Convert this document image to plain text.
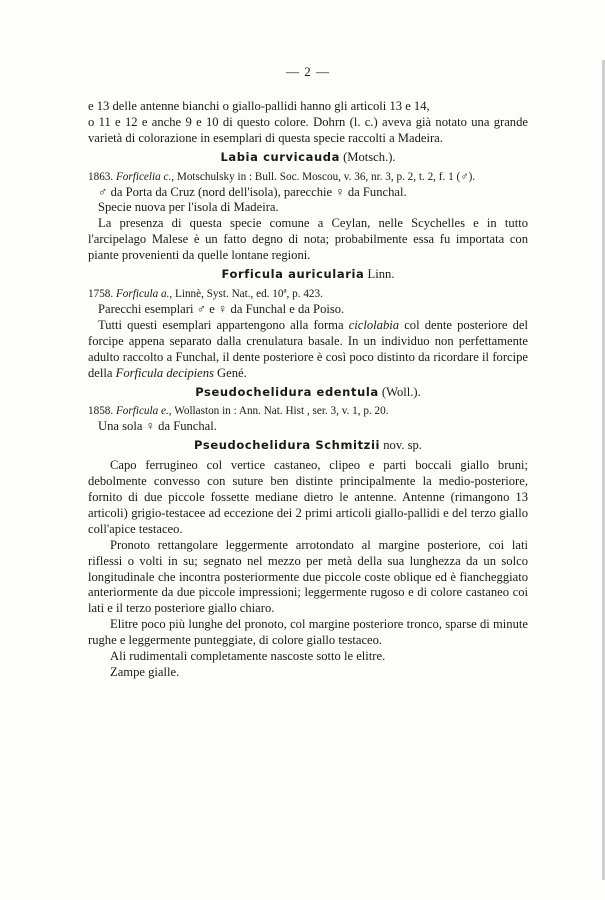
— 2 —

e 13 delle antenne bianchi o giallo-pallidi hanno gli articoli 13 e 14,

o 11 e 12 e anche 9 e 10 di questo colore. Dohrn (l. c.) aveva già notato una grande varietà di colorazione in esemplari di questa specie raccolti a Madeira.

Labia curvicauda (Motsch.).

1863. Forficelia c., Motschulsky in : Bull. Soc. Moscou, v. 36, nr. 3, p. 2, t. 2, f. 1 (♂).

♂ da Porta da Cruz (nord dell'isola), parecchie ♀ da Funchal.

Specie nuova per l'isola di Madeira.

La presenza di questa specie comune a Ceylan, nelle Scychelles e in tutto l'arcipelago Malese è un fatto degno di nota; probabilmente essa fu importata con piante provenienti da quelle lontane regioni.

Forficula auricularia Linn.

1758. Forficula a., Linnè, Syst. Nat., ed. 10ª, p. 423.

Parecchi esemplari ♂ e ♀ da Funchal e da Poiso.

Tutti questi esemplari appartengono alla forma ciclolabia col dente posteriore del forcipe appena separato dalla crenulatura basale. In un individuo non perfettamente adulto raccolto a Funchal, il dente posteriore è così poco distinto da ricordare il forcipe della Forficula decipiens Gené.

Pseudochelidura edentula (Woll.).

1858. Forficula e., Wollaston in : Ann. Nat. Hist , ser. 3, v. 1, p. 20.

Una sola ♀ da Funchal.

Pseudochelidura Schmitzii nov. sp.

Capo ferrugineo col vertice castaneo, clipeo e parti boccali giallo bruni; debolmente convesso con suture ben distinte principalmente la medio-posteriore, fornito di due piccole fossette mediane dietro le antenne. Antenne (rimangono 13 articoli) grigio-testacee ad eccezione dei 2 primi articoli giallo-pallidi e del terzo giallo coll'apice testaceo.

Pronoto rettangolare leggermente arrotondato al margine posteriore, coi lati riflessi o volti in su; segnato nel mezzo per metà della sua lunghezza da un solco longitudinale che incontra posteriormente due piccole coste oblique ed è fiancheggiato anteriormente da due piccole impressioni; leggermente rugoso e di colore castaneo coi lati e il terzo posteriore giallo chiaro.

Elitre poco più lunghe del pronoto, col margine posteriore tronco, sparse di minute rughe e leggermente punteggiate, di colore giallo testaceo.

Ali rudimentali completamente nascoste sotto le elitre.

Zampe gialle.
